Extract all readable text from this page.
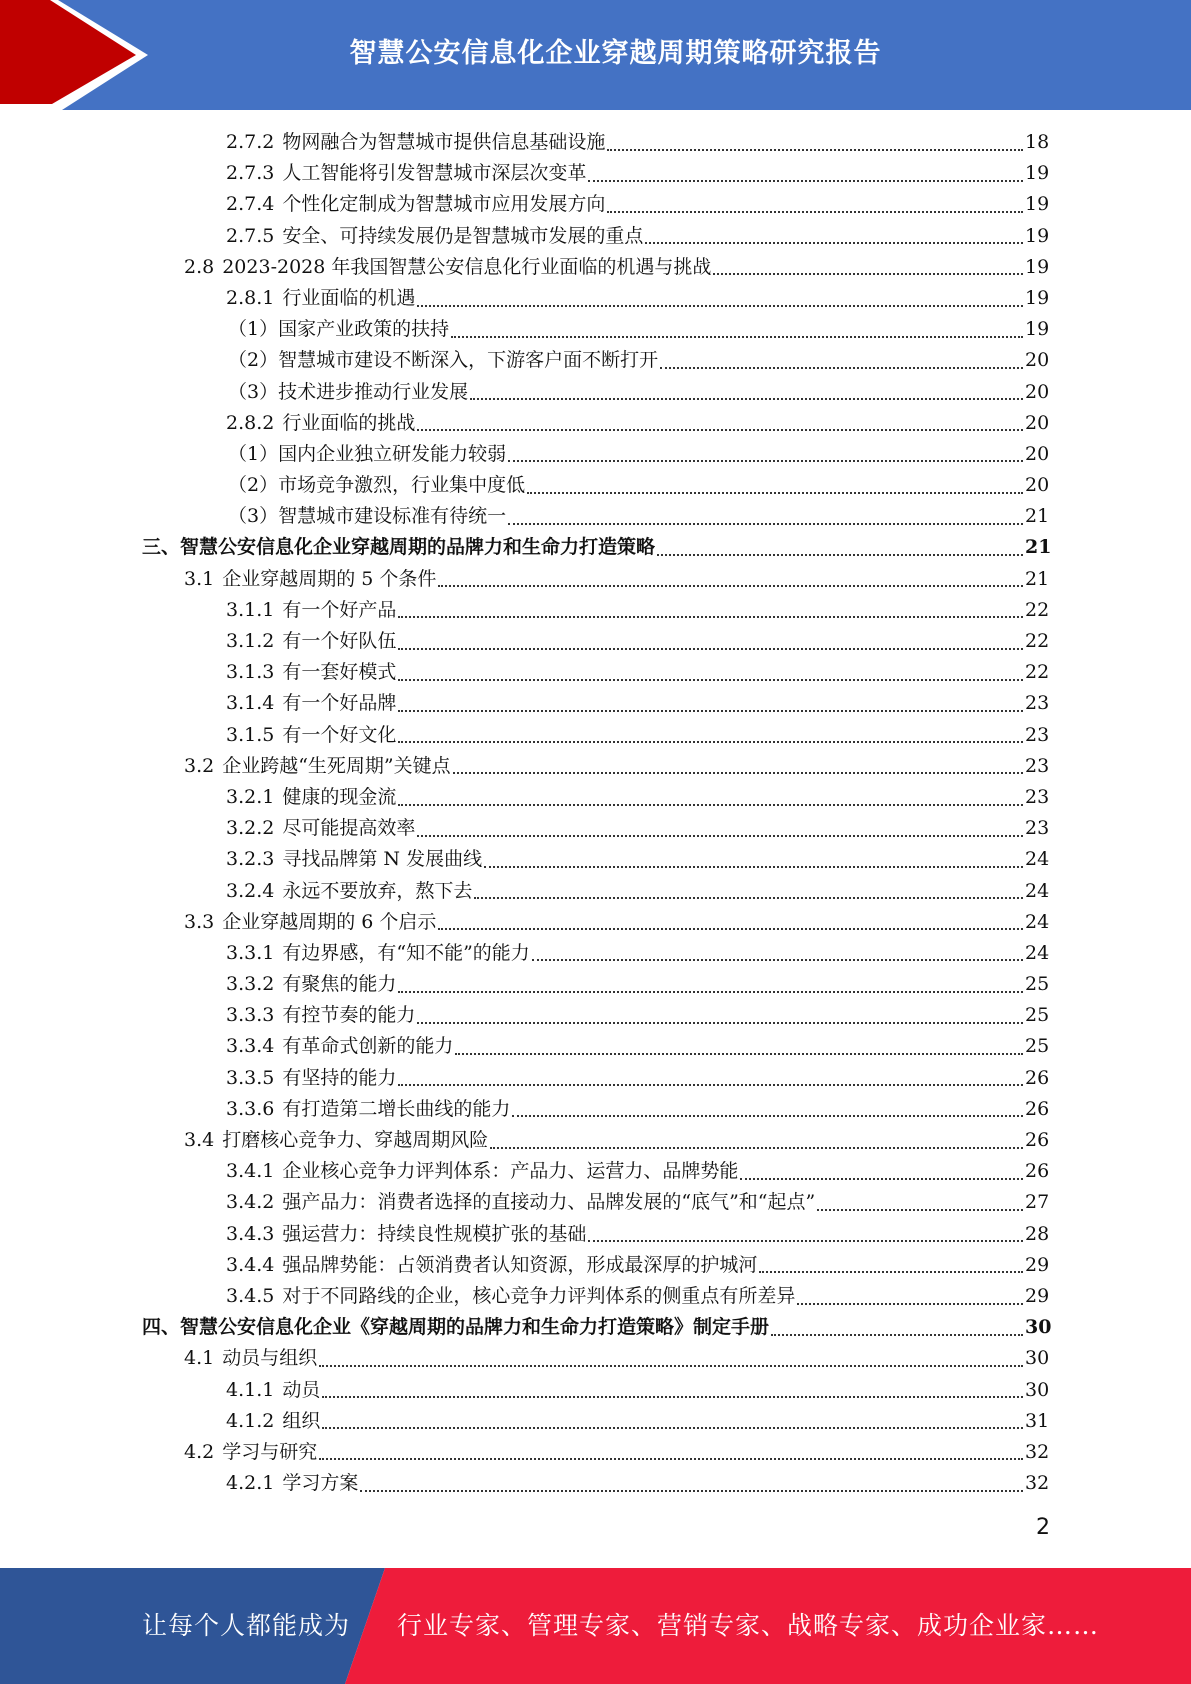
智慧公安信息化企业穿越周期策略研究报告
2.7.2 物网融合为智慧城市提供信息基础设施	18
2.7.3 人工智能将引发智慧城市深层次变革	19
2.7.4 个性化定制成为智慧城市应用发展方向	19
2.7.5 安全、可持续发展仍是智慧城市发展的重点	19
2.8 2023-2028 年我国智慧公安信息化行业面临的机遇与挑战	19
2.8.1 行业面临的机遇	19
（1）国家产业政策的扶持	19
（2）智慧城市建设不断深入，下游客户面不断打开	20
（3）技术进步推动行业发展	20
2.8.2 行业面临的挑战	20
（1）国内企业独立研发能力较弱	20
（2）市场竞争激烈，行业集中度低	20
（3）智慧城市建设标准有待统一	21
三、智慧公安信息化企业穿越周期的品牌力和生命力打造策略	21
3.1 企业穿越周期的 5 个条件	21
3.1.1 有一个好产品	22
3.1.2 有一个好队伍	22
3.1.3 有一套好模式	22
3.1.4 有一个好品牌	23
3.1.5 有一个好文化	23
3.2 企业跨越“生死周期”关键点	23
3.2.1 健康的现金流	23
3.2.2 尽可能提高效率	23
3.2.3 寻找品牌第 N 发展曲线	24
3.2.4 永远不要放弃，熬下去	24
3.3 企业穿越周期的 6 个启示	24
3.3.1 有边界感，有“知不能”的能力	24
3.3.2 有聚焦的能力	25
3.3.3 有控节奏的能力	25
3.3.4 有革命式创新的能力	25
3.3.5 有坚持的能力	26
3.3.6 有打造第二增长曲线的能力	26
3.4 打磨核心竞争力、穿越周期风险	26
3.4.1 企业核心竞争力评判体系：产品力、运营力、品牌势能	26
3.4.2 强产品力：消费者选择的直接动力、品牌发展的“底气”和“起点”	27
3.4.3 强运营力：持续良性规模扩张的基础	28
3.4.4 强品牌势能：占领消费者认知资源，形成最深厚的护城河	29
3.4.5 对于不同路线的企业，核心竞争力评判体系的侧重点有所差异	29
四、智慧公安信息化企业《穿越周期的品牌力和生命力打造策略》制定手册	30
4.1 动员与组织	30
4.1.1 动员	30
4.1.2 组织	31
4.2 学习与研究	32
4.2.1 学习方案	32
2
让每个人都能成为 行业专家、管理专家、营销专家、战略专家、成功企业家……
